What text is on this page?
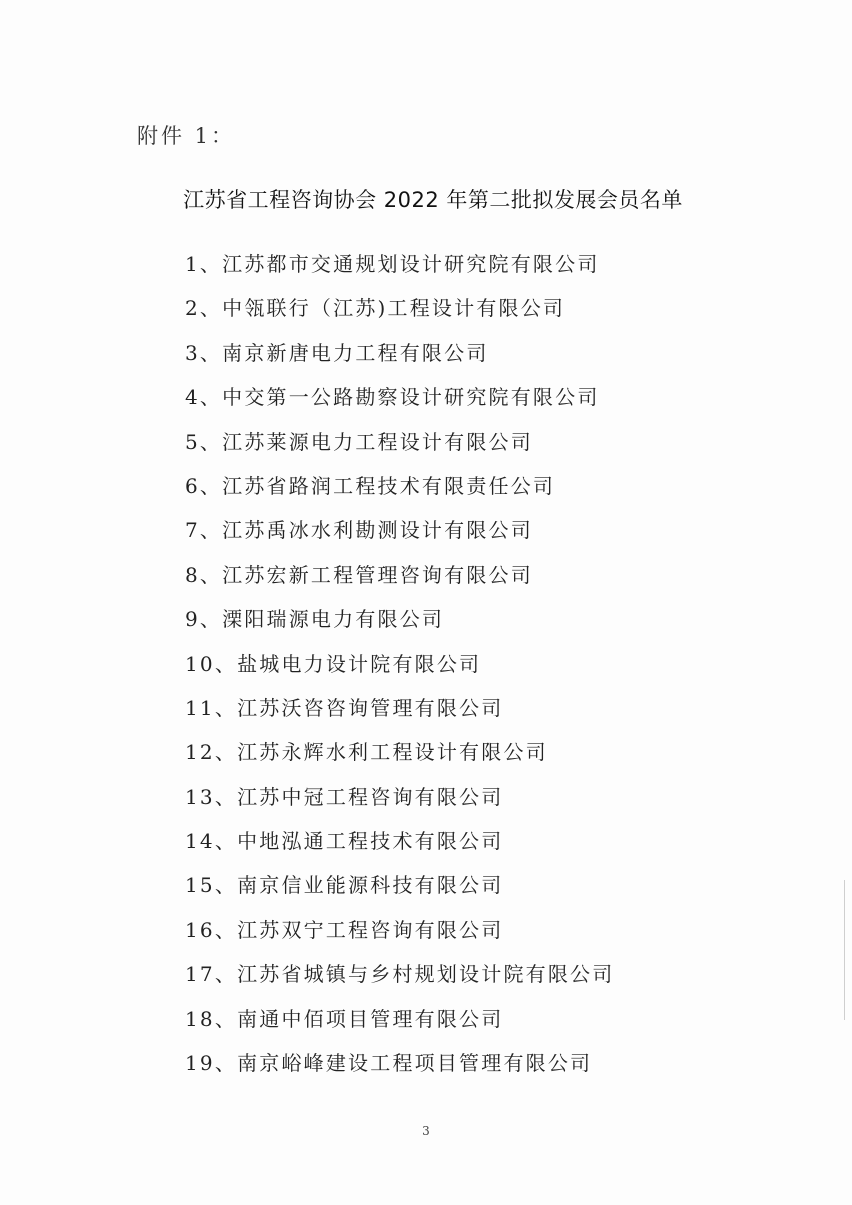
附件 1：
江苏省工程咨询协会 2022 年第二批拟发展会员名单
1、江苏都市交通规划设计研究院有限公司
2、中瓴联行（江苏)工程设计有限公司
3、南京新唐电力工程有限公司
4、中交第一公路勘察设计研究院有限公司
5、江苏莱源电力工程设计有限公司
6、江苏省路润工程技术有限责任公司
7、江苏禹冰水利勘测设计有限公司
8、江苏宏新工程管理咨询有限公司
9、溧阳瑞源电力有限公司
10、盐城电力设计院有限公司
11、江苏沃咨咨询管理有限公司
12、江苏永辉水利工程设计有限公司
13、江苏中冠工程咨询有限公司
14、中地泓通工程技术有限公司
15、南京信业能源科技有限公司
16、江苏双宁工程咨询有限公司
17、江苏省城镇与乡村规划设计院有限公司
18、南通中佰项目管理有限公司
19、南京峪峰建设工程项目管理有限公司
3
